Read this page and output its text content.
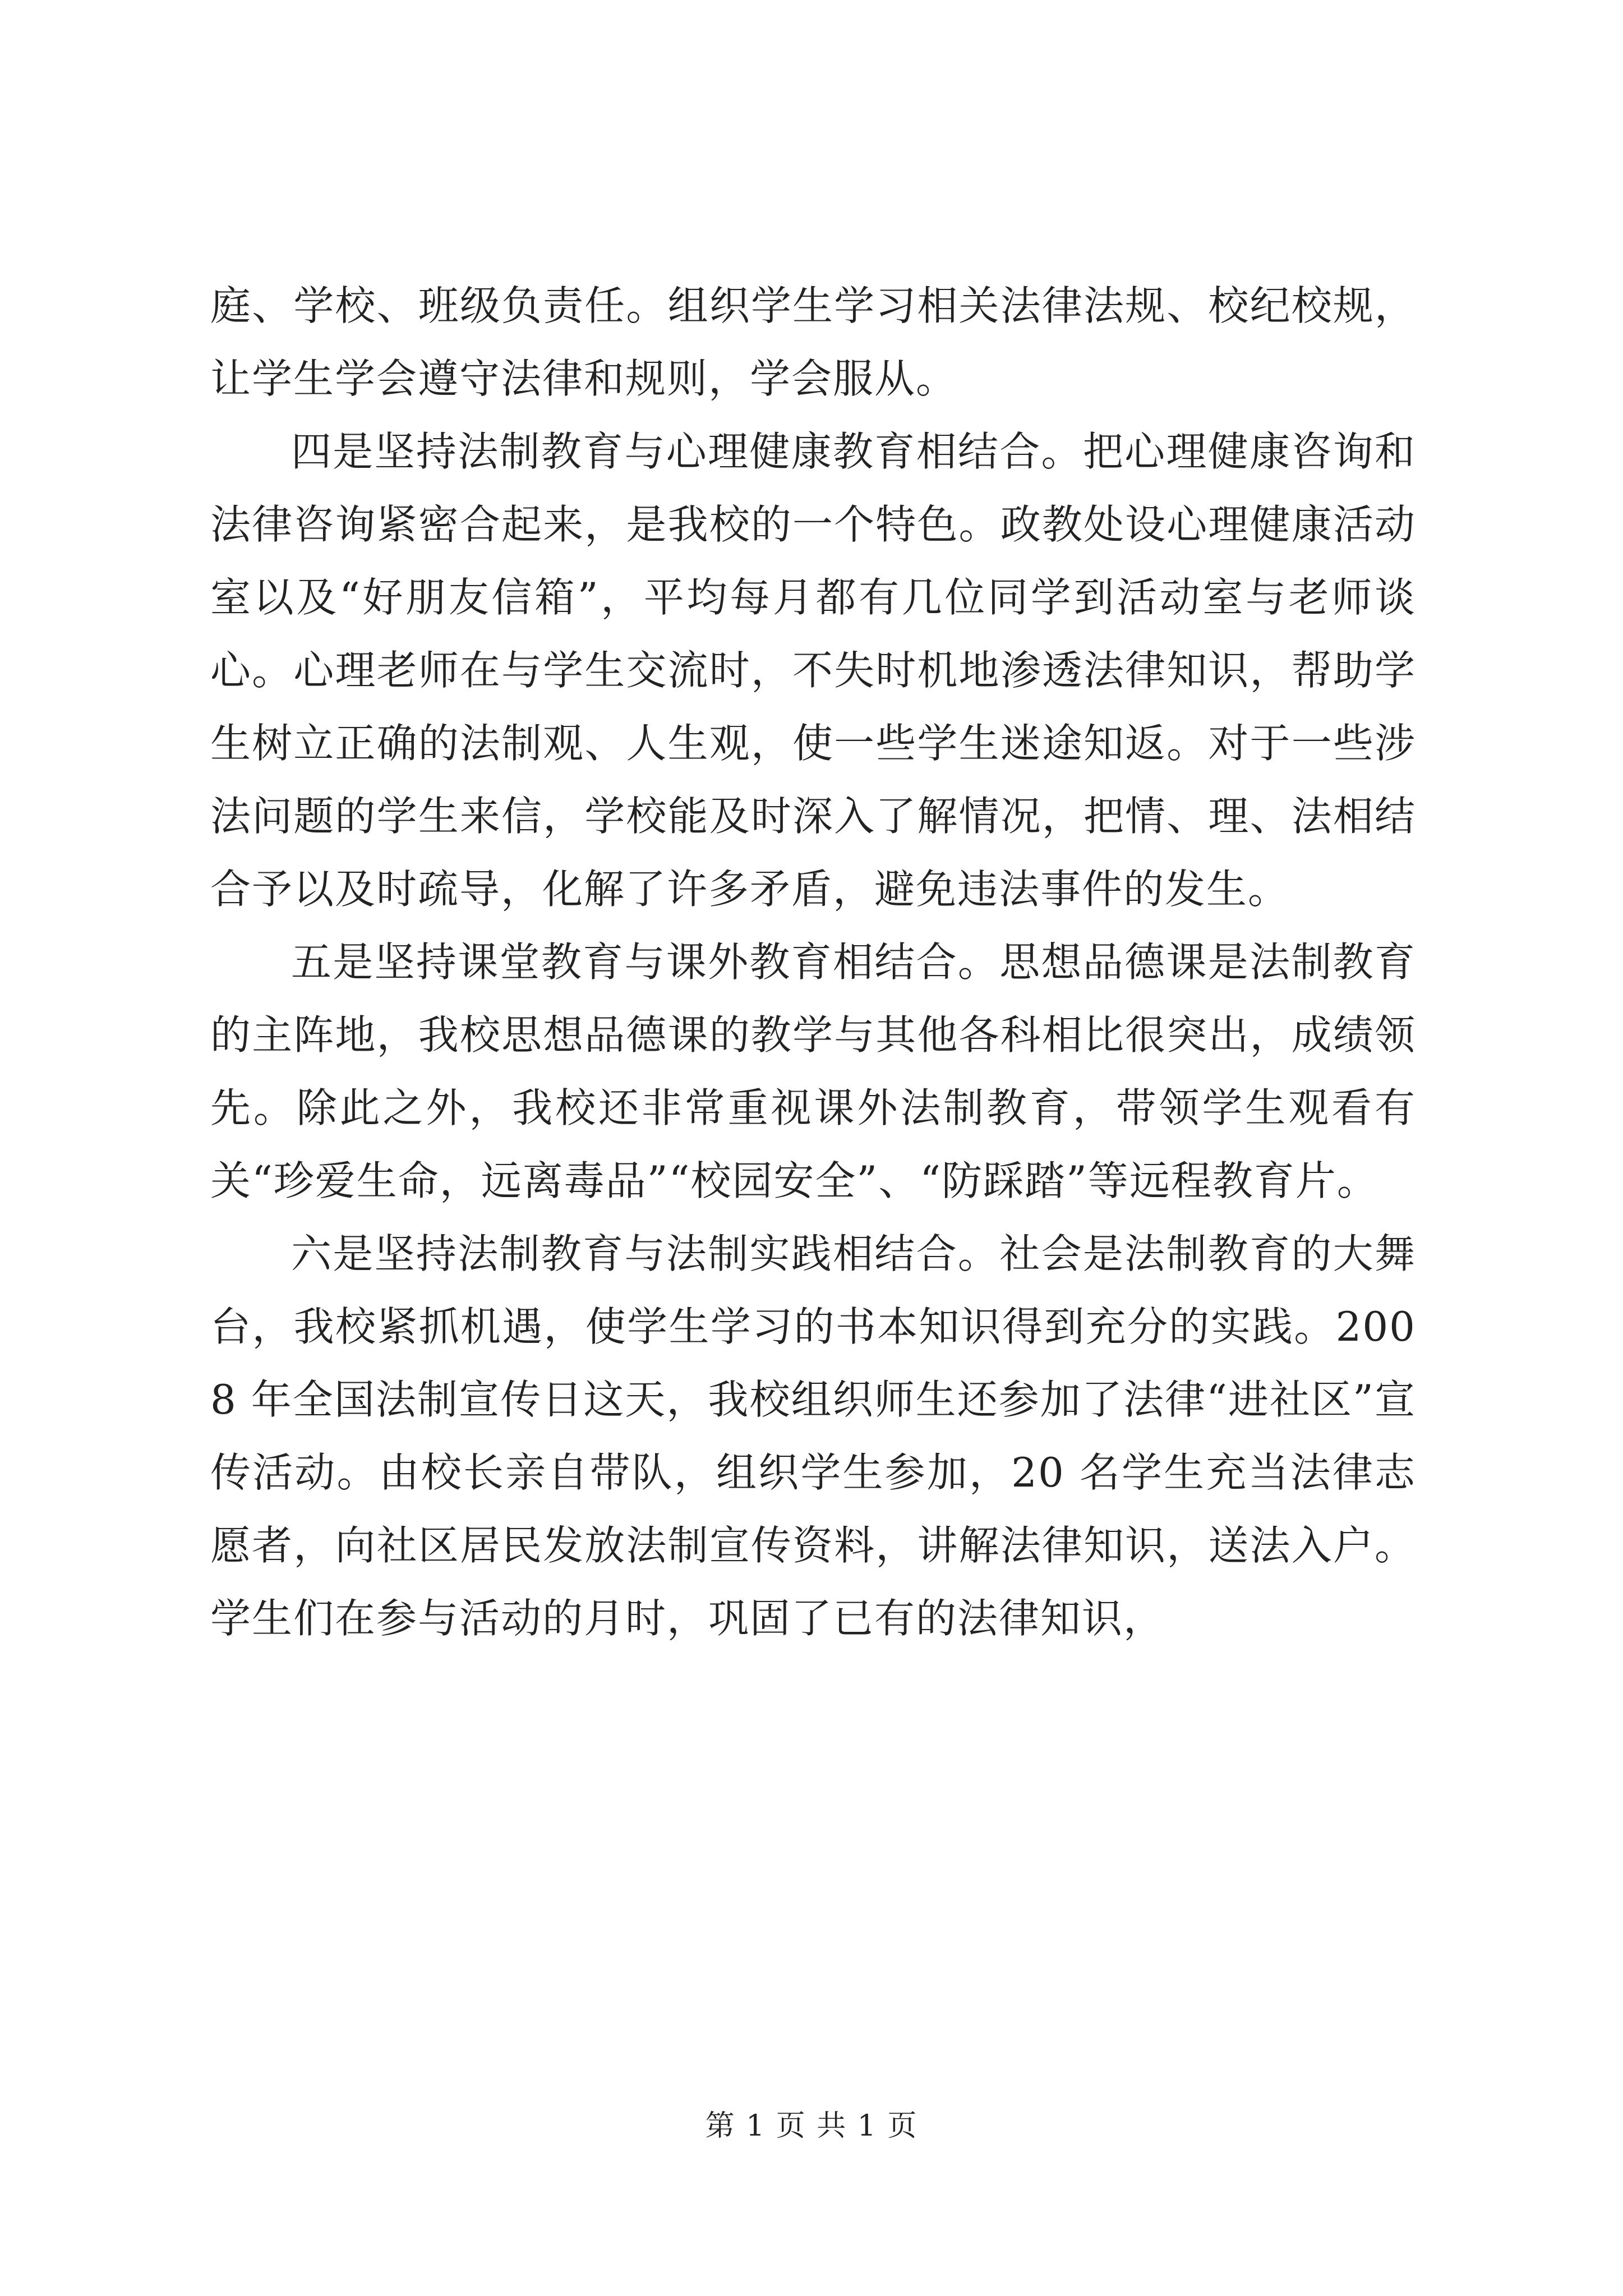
庭、学校、班级负责任。组织学生学习相关法律法规、校纪校规，让学生学会遵守法律和规则，学会服从。

四是坚持法制教育与心理健康教育相结合。把心理健康咨询和法律咨询紧密合起来，是我校的一个特色。政教处设心理健康活动室以及“好朋友信箱”，平均每月都有几位同学到活动室与老师谈心。心理老师在与学生交流时，不失时机地渗透法律知识，帮助学生树立正确的法制观、人生观，使一些学生迷途知返。对于一些涉法问题的学生来信，学校能及时深入了解情况，把情、理、法相结合予以及时疏导，化解了许多矛盾，避免违法事件的发生。

五是坚持课堂教育与课外教育相结合。思想品德课是法制教育的主阵地，我校思想品德课的教学与其他各科相比很突出，成绩领先。除此之外，我校还非常重视课外法制教育，带领学生观看有关“珍爱生命，远离毒品”“校园安全”、“防踩踏”等远程教育片。

六是坚持法制教育与法制实践相结合。社会是法制教育的大舞台，我校紧抓机遇，使学生学习的书本知识得到充分的实践。2008 年全国法制宣传日这天，我校组织师生还参加了法律“进社区”宣传活动。由校长亲自带队，组织学生参加，20 名学生充当法律志愿者，向社区居民发放法制宣传资料，讲解法律知识，送法入户。学生们在参与活动的月时，巩固了已有的法律知识，

第 1 页 共 1 页
